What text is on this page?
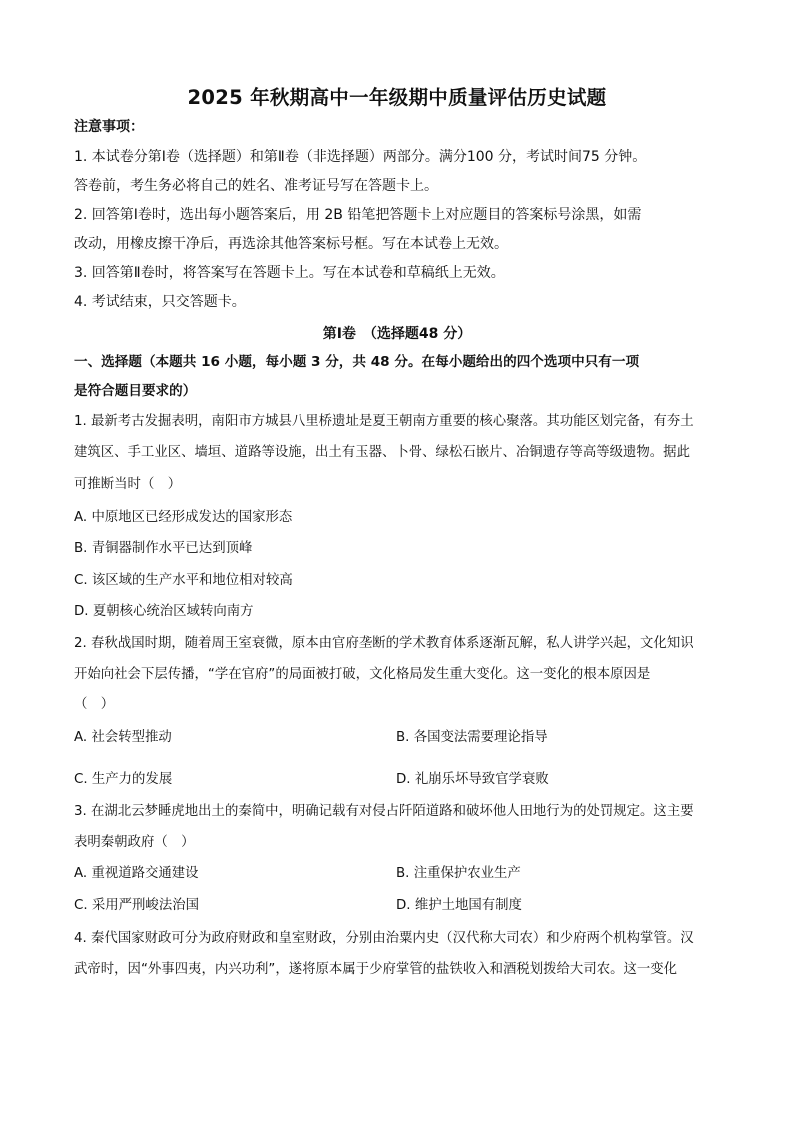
2025 年秋期高中一年级期中质量评估历史试题
注意事项：
1. 本试卷分第Ⅰ卷（选择题）和第Ⅱ卷（非选择题）两部分。满分100 分，考试时间75 分钟。
答卷前，考生务必将自己的姓名、准考证号写在答题卡上。
2. 回答第Ⅰ卷时，选出每小题答案后，用 2B 铅笔把答题卡上对应题目的答案标号涂黑，如需
改动，用橡皮擦干净后，再选涂其他答案标号框。写在本试卷上无效。
3. 回答第Ⅱ卷时，将答案写在答题卡上。写在本试卷和草稿纸上无效。
4. 考试结束，只交答题卡。
第Ⅰ卷　（选择题48 分）
一、选择题（本题共 16 小题，每小题 3 分，共 48 分。在每小题给出的四个选项中只有一项
是符合题目要求的）
1. 最新考古发掘表明，南阳市方城县八里桥遗址是夏王朝南方重要的核心聚落。其功能区划完备，有夯土
建筑区、手工业区、墙垣、道路等设施，出土有玉器、卜骨、绿松石嵌片、冶铜遗存等高等级遗物。据此
可推断当时（　）
A. 中原地区已经形成发达的国家形态
B. 青铜器制作水平已达到顶峰
C. 该区域的生产水平和地位相对较高
D. 夏朝核心统治区域转向南方
2. 春秋战国时期，随着周王室衰微，原本由官府垄断的学术教育体系逐渐瓦解，私人讲学兴起，文化知识
开始向社会下层传播，“学在官府”的局面被打破，文化格局发生重大变化。这一变化的根本原因是
（　）
A. 社会转型推动	B. 各国变法需要理论指导
C. 生产力的发展	D. 礼崩乐坏导致官学衰败
3. 在湖北云梦睡虎地出土的秦简中，明确记载有对侵占阡陌道路和破坏他人田地行为的处罚规定。这主要
表明秦朝政府（　）
A. 重视道路交通建设	B. 注重保护农业生产
C. 采用严刑峻法治国	D. 维护土地国有制度
4. 秦代国家财政可分为政府财政和皇室财政，分别由治粟内史（汉代称大司农）和少府两个机构掌管。汉
武帝时，因“外事四夷，内兴功利”，遂将原本属于少府掌管的盐铁收入和酒税划拨给大司农。这一变化
